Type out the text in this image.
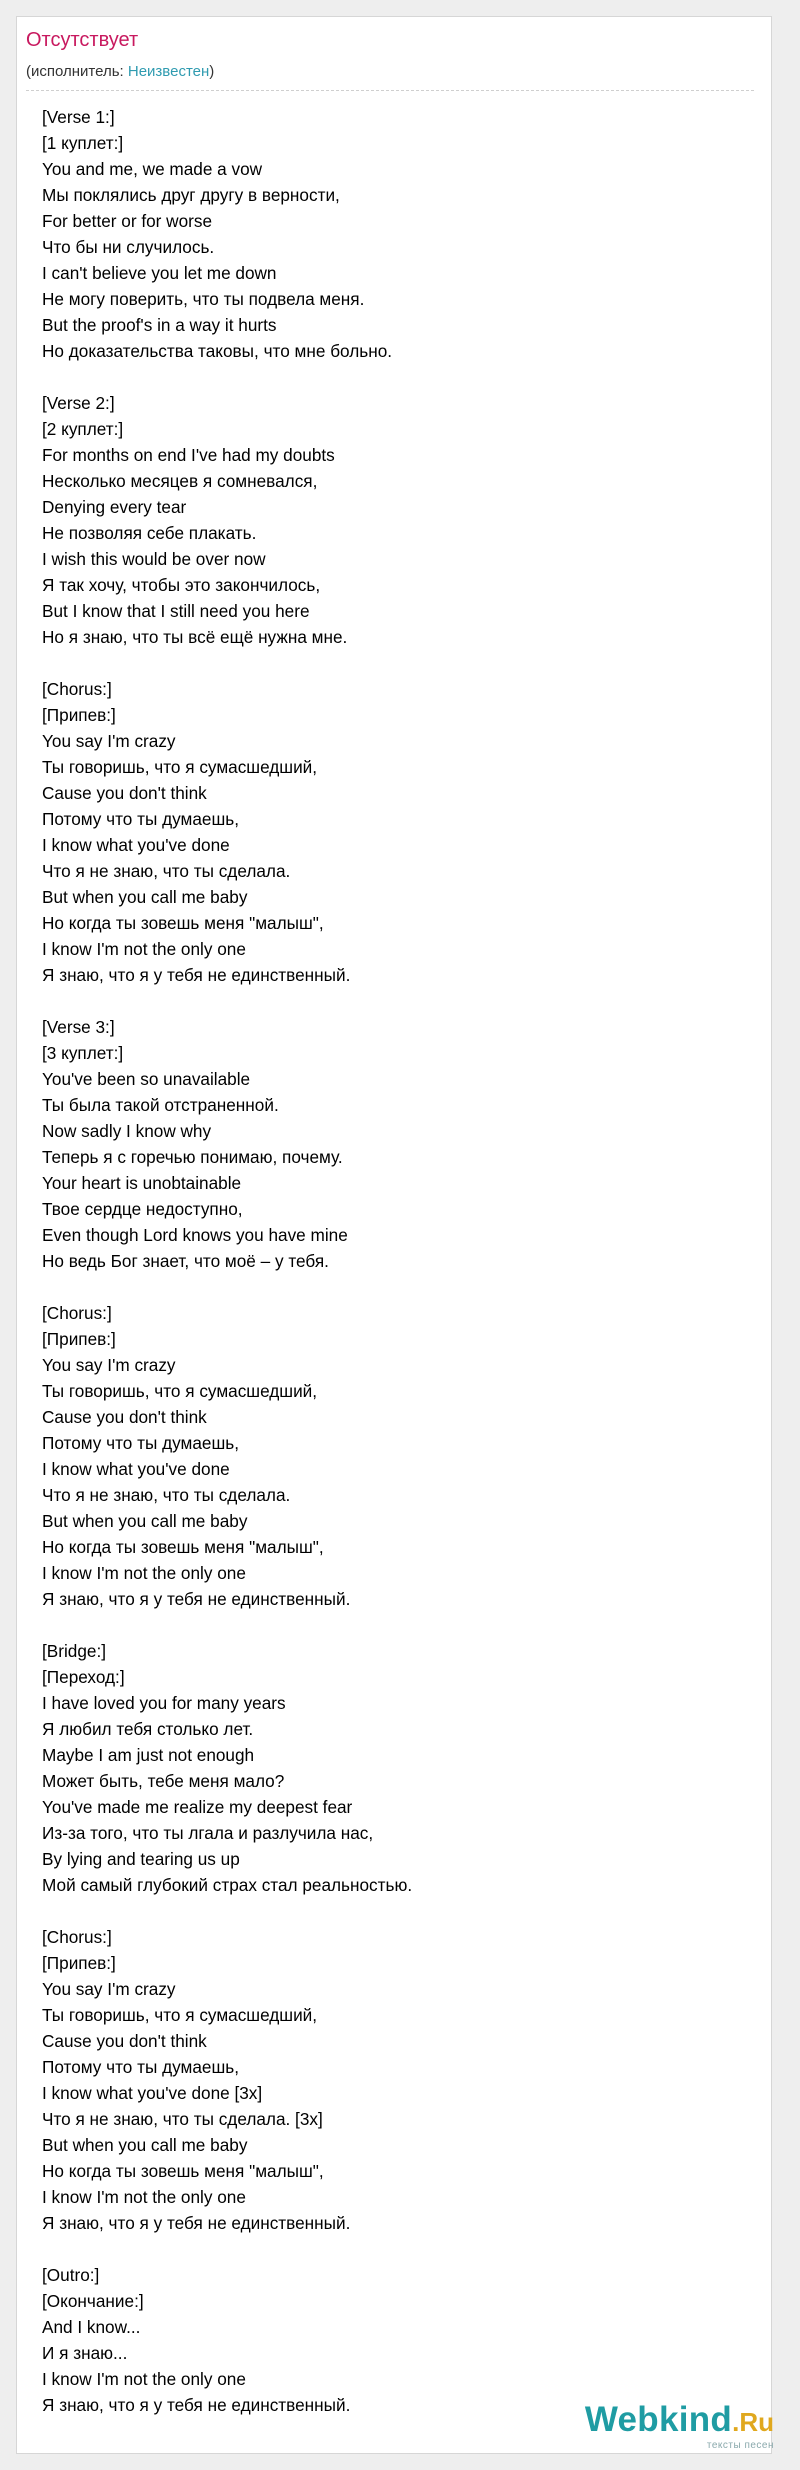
Отсутствует
(исполнитель: Неизвестен)
[Verse 1:]
[1 куплет:]
You and me, we made a vow
Мы поклялись друг другу в верности,
For better or for worse
Что бы ни случилось.
I can't believe you let me down
Не могу поверить, что ты подвела меня.
But the proof's in a way it hurts
Но доказательства таковы, что мне больно.
[Verse 2:]
[2 куплет:]
For months on end I've had my doubts
Несколько месяцев я сомневался,
Denying every tear
Не позволяя себе плакать.
I wish this would be over now
Я так хочу, чтобы это закончилось,
But I know that I still need you here
Но я знаю, что ты всё ещё нужна мне.
[Chorus:]
[Припев:]
You say I'm crazy
Ты говоришь, что я сумасшедший,
Cause you don't think
Потому что ты думаешь,
I know what you've done
Что я не знаю, что ты сделала.
But when you call me baby
Но когда ты зовешь меня "малыш",
I know I'm not the only one
Я знаю, что я у тебя не единственный.
[Verse 3:]
[3 куплет:]
You've been so unavailable
Ты была такой отстраненной.
Now sadly I know why
Теперь я с горечью понимаю, почему.
Your heart is unobtainable
Твое сердце недоступно,
Even though Lord knows you have mine
Но ведь Бог знает, что моё – у тебя.
[Chorus:]
[Припев:]
You say I'm crazy
Ты говоришь, что я сумасшедший,
Cause you don't think
Потому что ты думаешь,
I know what you've done
Что я не знаю, что ты сделала.
But when you call me baby
Но когда ты зовешь меня "малыш",
I know I'm not the only one
Я знаю, что я у тебя не единственный.
[Bridge:]
[Переход:]
I have loved you for many years
Я любил тебя столько лет.
Maybe I am just not enough
Может быть, тебе меня мало?
You've made me realize my deepest fear
Из-за того, что ты лгала и разлучила нас,
By lying and tearing us up
Мой самый глубокий страх стал реальностью.
[Chorus:]
[Припев:]
You say I'm crazy
Ты говоришь, что я сумасшедший,
Cause you don't think
Потому что ты думаешь,
I know what you've done [3x]
Что я не знаю, что ты сделала. [3x]
But when you call me baby
Но когда ты зовешь меня "малыш",
I know I'm not the only one
Я знаю, что я у тебя не единственный.
[Outro:]
[Окончание:]
And I know...
И я знаю...
I know I'm not the only one
Я знаю, что я у тебя не единственный.	Webkind.Ru
тексты песен
